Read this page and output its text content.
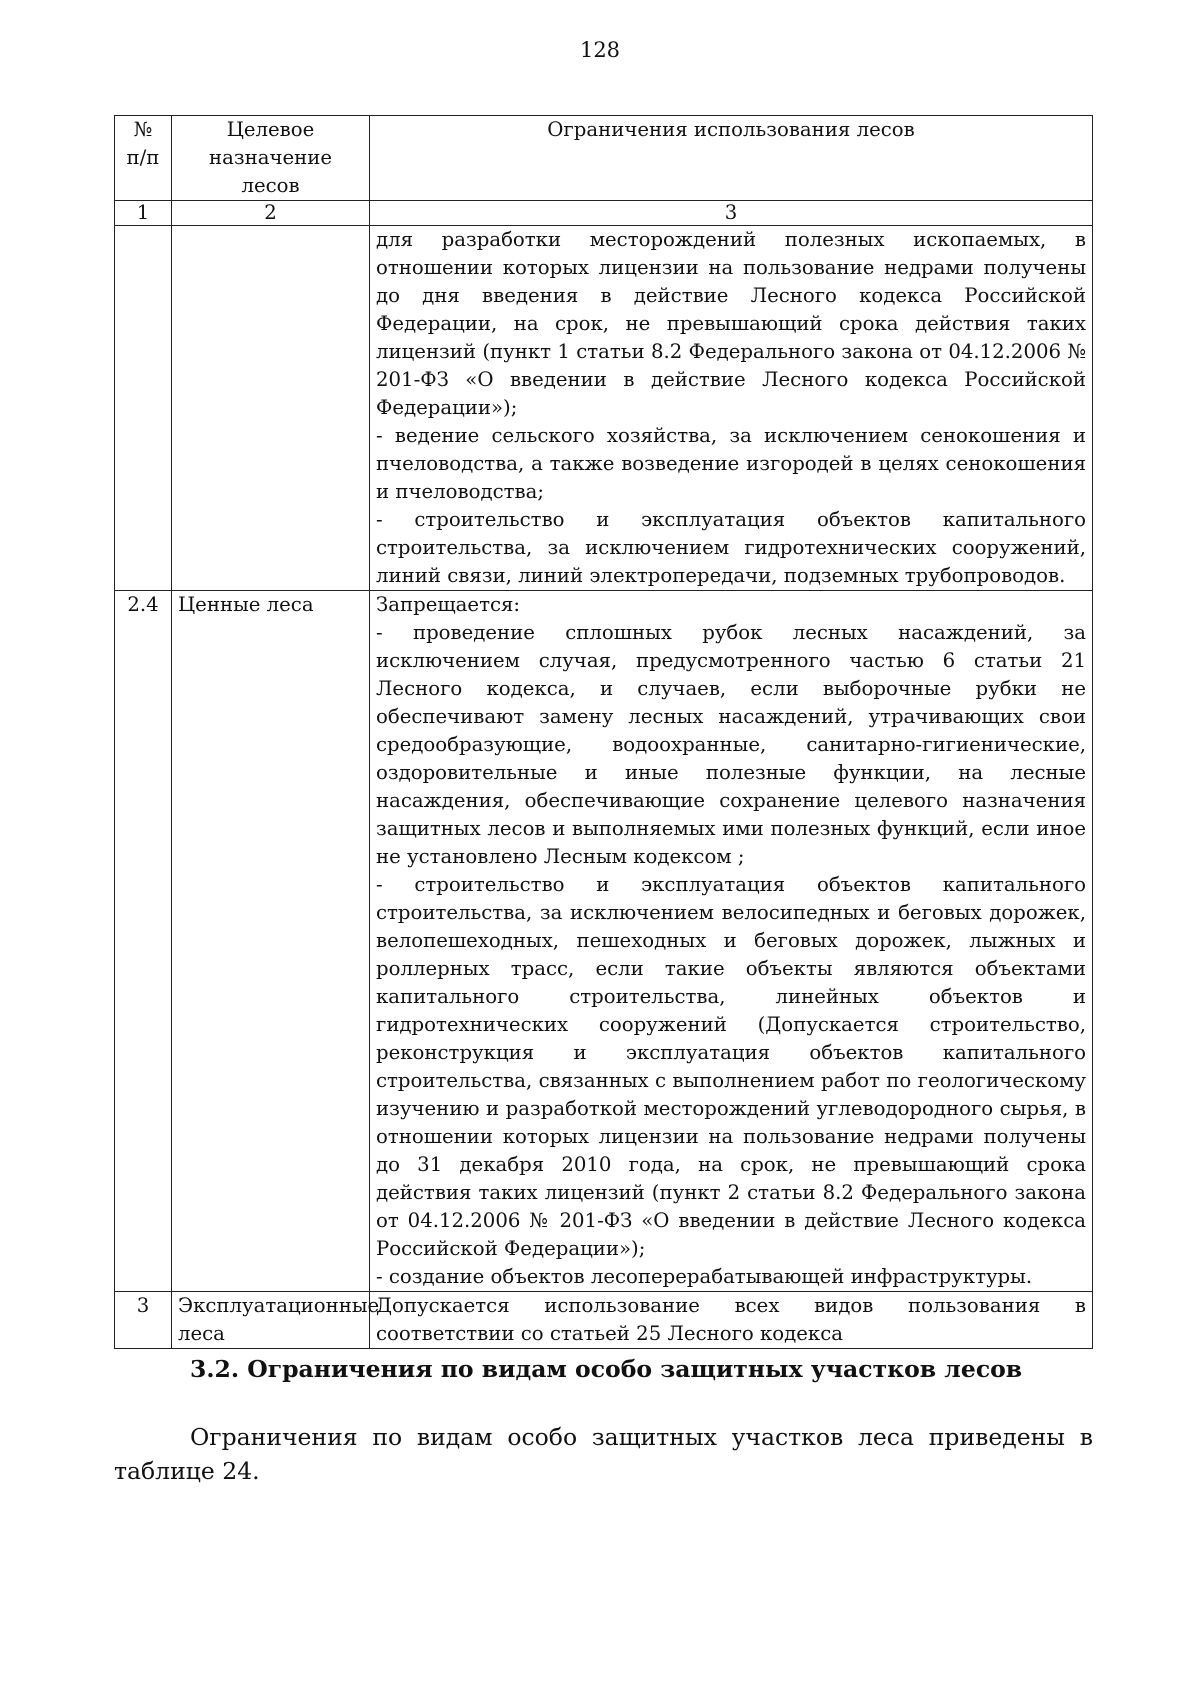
128
№ п/п	Целевое назначение лесов	Ограничения использования лесов
1	2	3

		для разработки месторождений полезных ископаемых, в отношении которых лицензии на пользование недрами получены до дня введения в действие Лесного кодекса Российской Федерации, на срок, не превышающий срока действия таких лицензий (пункт 1 статьи 8.2 Федерального закона от 04.12.2006 № 201-ФЗ «О введении в действие Лесного кодекса Российской Федерации»);
- ведение сельского хозяйства, за исключением сенокошения и пчеловодства, а также возведение изгородей в целях сенокошения и пчеловодства;
- строительство и эксплуатация объектов капитального строительства, за исключением гидротехнических сооружений, линий связи, линий электропередачи, подземных трубопроводов.

2.4	Ценные леса	Запрещается:
- проведение сплошных рубок лесных насаждений, за исключением случая, предусмотренного частью 6 статьи 21 Лесного кодекса, и случаев, если выборочные рубки не обеспечивают замену лесных насаждений, утрачивающих свои средообразующие, водоохранные, санитарно-гигиенические, оздоровительные и иные полезные функции, на лесные насаждения, обеспечивающие сохранение целевого назначения защитных лесов и выполняемых ими полезных функций, если иное не установлено Лесным кодексом ;
- строительство и эксплуатация объектов капитального строительства, за исключением велосипедных и беговых дорожек, велопешеходных, пешеходных и беговых дорожек, лыжных и роллерных трасс, если такие объекты являются объектами капитального строительства, линейных объектов и гидротехнических сооружений (Допускается строительство, реконструкция и эксплуатация объектов капитального строительства, связанных с выполнением работ по геологическому изучению и разработкой месторождений углеводородного сырья, в отношении которых лицензии на пользование недрами получены до 31 декабря 2010 года, на срок, не превышающий срока действия таких лицензий (пункт 2 статьи 8.2 Федерального закона от 04.12.2006 № 201-ФЗ «О введении в действие Лесного кодекса Российской Федерации»);
- создание объектов лесоперерабатывающей инфраструктуры.

3	Эксплуатационные леса	Допускается использование всех видов пользования в соответствии со статьей 25 Лесного кодекса
3.2. Ограничения по видам особо защитных участков лесов
Ограничения по видам особо защитных участков леса приведены в таблице 24.
